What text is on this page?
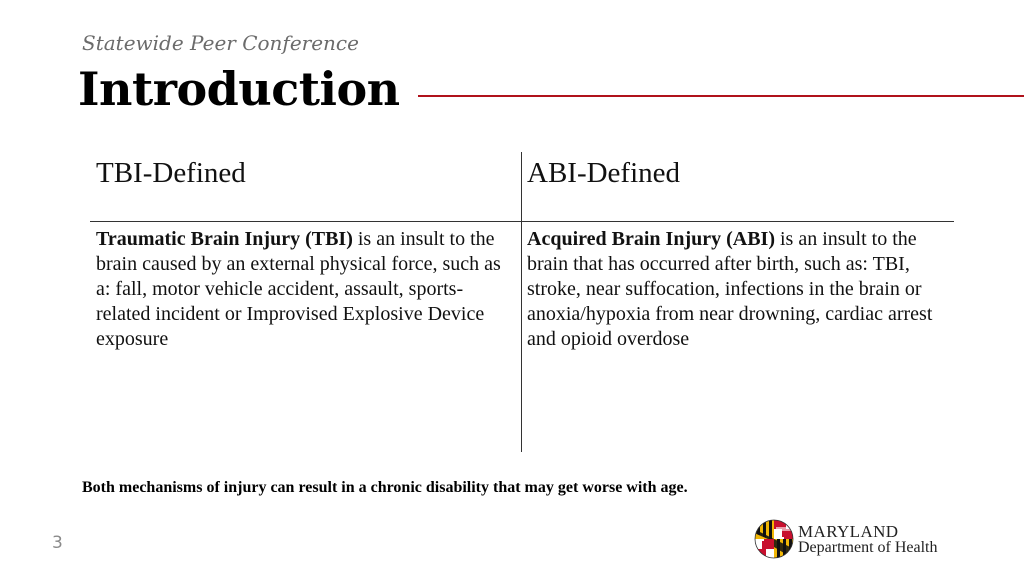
Statewide Peer Conference
Introduction
TBI-Defined	ABI-Defined
Traumatic Brain Injury (TBI) is an insult to the brain caused by an external physical force, such as a: fall, motor vehicle accident, assault, sports-related incident or Improvised Explosive Device exposure
Acquired Brain Injury (ABI) is an insult to the brain that has occurred after birth, such as: TBI, stroke, near suffocation, infections in the brain or anoxia/hypoxia from near drowning, cardiac arrest and opioid overdose
Both mechanisms of injury can result in a chronic disability that may get worse with age.
3
MARYLAND
Department of Health
